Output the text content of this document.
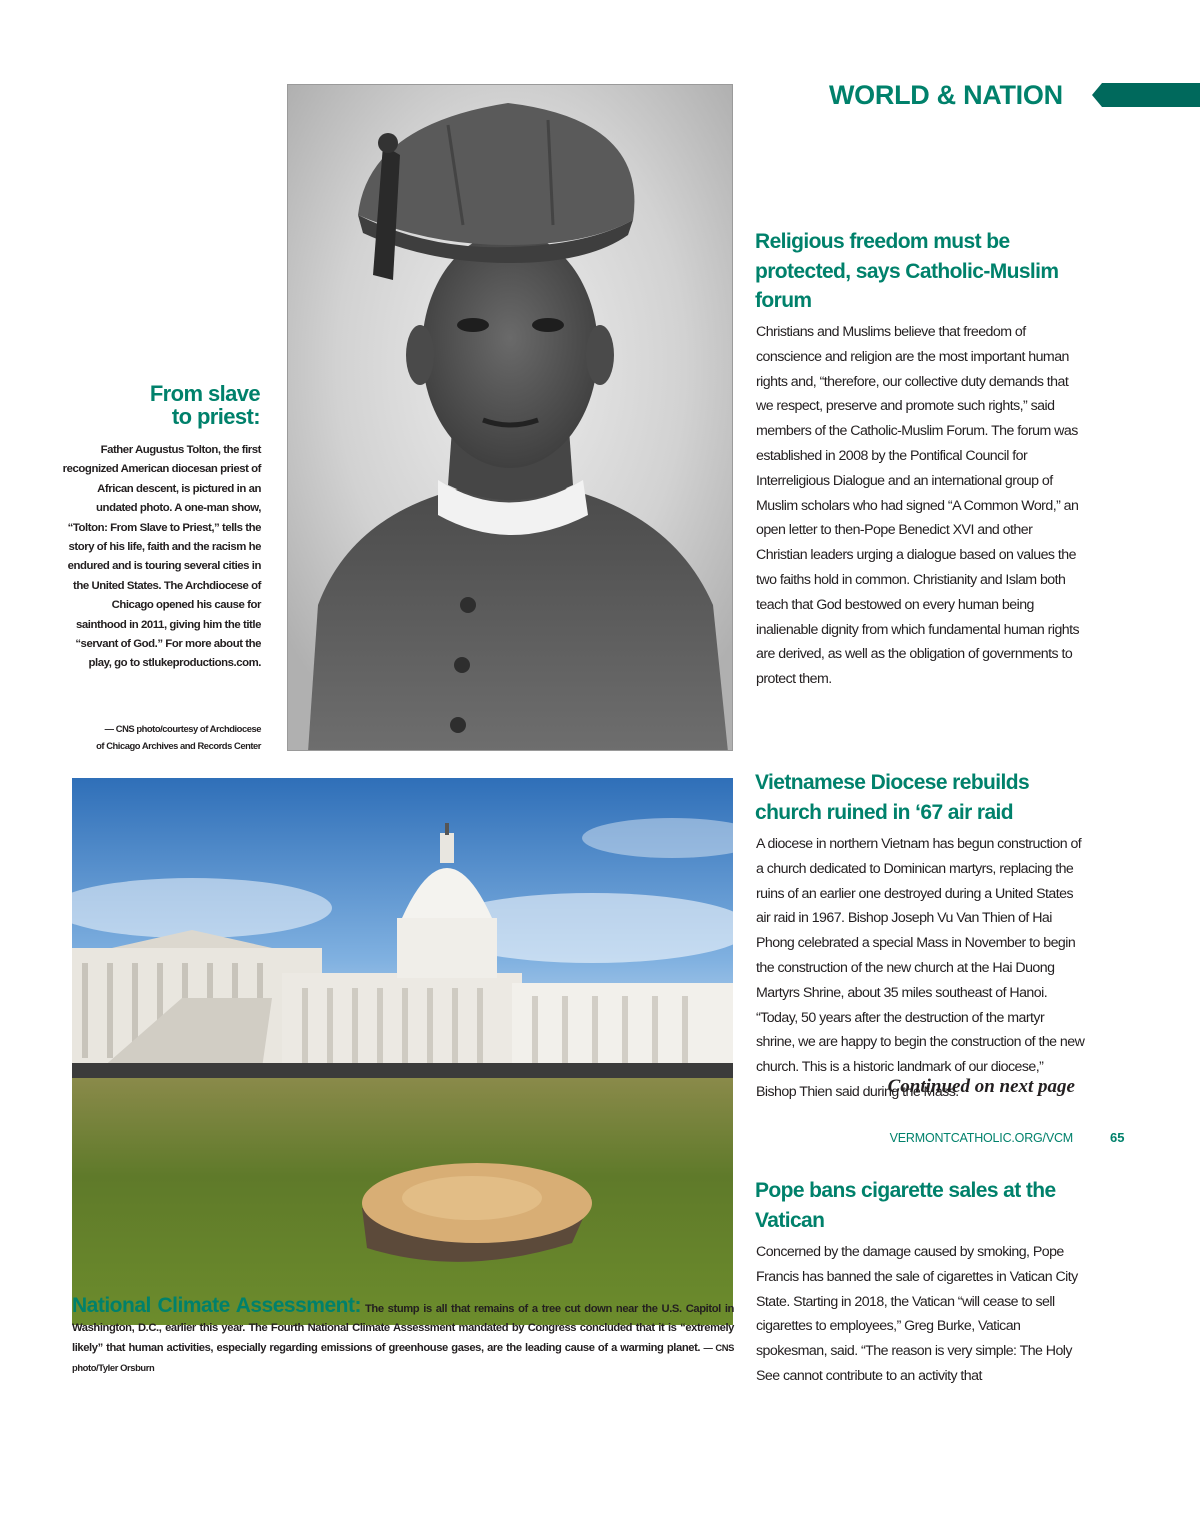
WORLD & NATION
From slave
to priest:
Father Augustus Tolton, the first recognized American diocesan priest of African descent, is pictured in an undated photo. A one-man show, “Tolton: From Slave to Priest,” tells the story of his life, faith and the racism he endured and is touring several cities in the United States. The Archdiocese of Chicago opened his cause for sainthood in 2011, giving him the title “servant of God.” For more about the play, go to stlukeproductions.com.
— CNS photo/courtesy of Archdiocese
of Chicago Archives and Records Center
National Climate Assessment: The stump is all that remains of a tree cut down near the U.S. Capitol in Washington, D.C., earlier this year. The Fourth National Climate Assessment mandated by Congress concluded that it is “extremely likely” that human activities, especially regarding emissions of greenhouse gases, are the leading cause of a warming planet. — CNS photo/Tyler Orsburn
Religious freedom must be protected, says Catholic-Muslim forum
Christians and Muslims believe that freedom of conscience and religion are the most important human rights and, “therefore, our collective duty demands that we respect, preserve and promote such rights,” said members of the Catholic-Muslim Forum. The forum was established in 2008 by the Pontifical Council for Interreligious Dialogue and an international group of Muslim scholars who had signed “A Common Word,” an open letter to then-Pope Benedict XVI and other Christian leaders urging a dialogue based on values the two faiths hold in common. Christianity and Islam both teach that God bestowed on every human being inalienable dignity from which fundamental human rights are derived, as well as the obligation of governments to protect them.
Vietnamese Diocese rebuilds church ruined in ‘67 air raid
A diocese in northern Vietnam has begun construction of a church dedicated to Dominican martyrs, replacing the ruins of an earlier one destroyed during a United States air raid in 1967. Bishop Joseph Vu Van Thien of Hai Phong celebrated a special Mass in November to begin the construction of the new church at the Hai Duong Martyrs Shrine, about 35 miles southeast of Hanoi. “Today, 50 years after the destruction of the martyr shrine, we are happy to begin the construction of the new church. This is a historic landmark of our diocese,” Bishop Thien said during the Mass.
Pope bans cigarette sales at the Vatican
Concerned by the damage caused by smoking, Pope Francis has banned the sale of cigarettes in Vatican City State. Starting in 2018, the Vatican “will cease to sell cigarettes to employees,” Greg Burke, Vatican spokesman, said. “The reason is very simple: The Holy See cannot contribute to an activity that
Continued on next page
VERMONTCATHOLIC.ORG/VCM	65
